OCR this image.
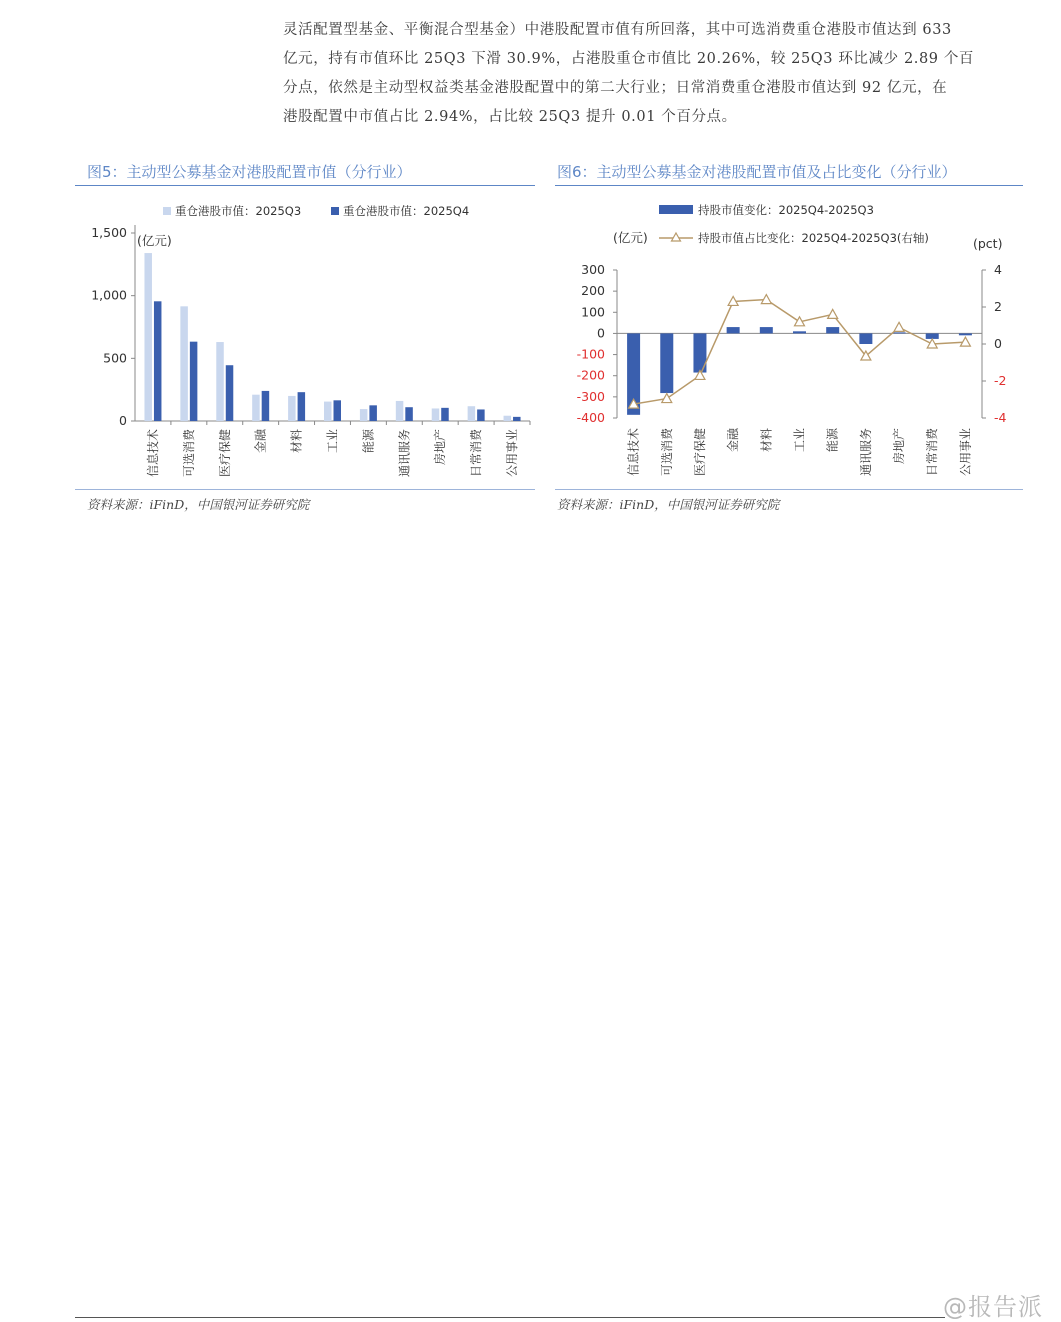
灵活配置型基金、平衡混合型基金）中港股配置市值有所回落，其中可选消费重仓港股市值达到 633

亿元，持有市值环比 25Q3 下滑 30.9%，占港股重仓市值比 20.26%，较 25Q3 环比减少 2.89 个百

分点，依然是主动型权益类基金港股配置中的第二大行业；日常消费重仓港股市值达到 92 亿元，在

港股配置中市值占比 2.94%，占比较 25Q3 提升 0.01 个百分点。

图5：主动型公募基金对港股配置市值（分行业）
重仓港股市值：2025Q3	重仓港股市值：2025Q4
(亿元)
0
500
1,000
1,500
信息技术 可选消费 医疗保健 金融 材料 工业 能源 通讯服务 房地产 日常消费 公用事业
资料来源：iFinD，中国银河证券研究院
图6：主动型公募基金对港股配置市值及占比变化（分行业）
持股市值变化：2025Q4-2025Q3
持股市值占比变化：2025Q4-2025Q3(右轴)
(亿元)	(pct)
300
200
100
0
-100
-200
-300
-400
4
2
0
-2
-4
信息技术 可选消费 医疗保健 金融 材料 工业 能源 通讯服务 房地产 日常消费 公用事业
资料来源：iFinD，中国银河证券研究院
@报告派
